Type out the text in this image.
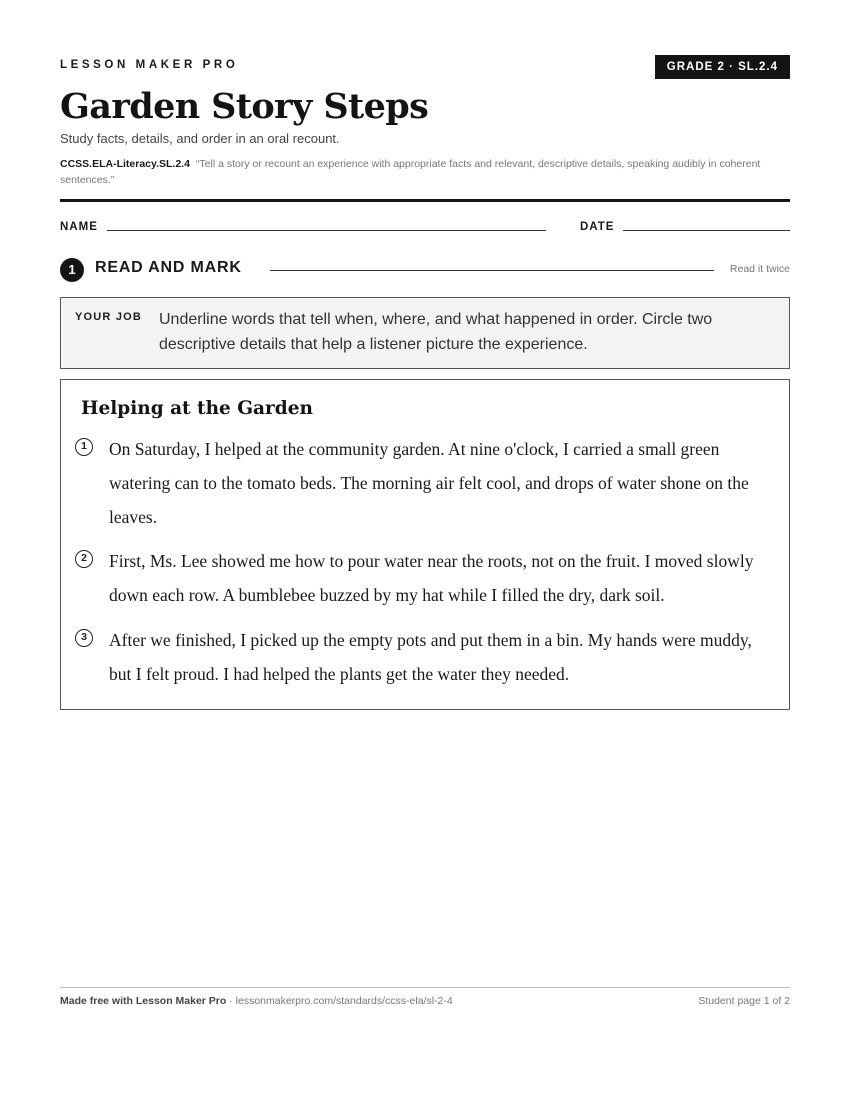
LESSON MAKER PRO	GRADE 2 · SL.2.4
Garden Story Steps
Study facts, details, and order in an oral recount.
CCSS.ELA-Literacy.SL.2.4 “Tell a story or recount an experience with appropriate facts and relevant, descriptive details, speaking audibly in coherent sentences.”
NAME	DATE
1	READ AND MARK	Read it twice
YOUR JOB Underline words that tell when, where, and what happened in order. Circle two descriptive details that help a listener picture the experience.
Helping at the Garden
1	On Saturday, I helped at the community garden. At nine o'clock, I carried a small green watering can to the tomato beds. The morning air felt cool, and drops of water shone on the leaves.

2	First, Ms. Lee showed me how to pour water near the roots, not on the fruit. I moved slowly down each row. A bumblebee buzzed by my hat while I filled the dry, dark soil.

3	After we finished, I picked up the empty pots and put them in a bin. My hands were muddy, but I felt proud. I had helped the plants get the water they needed.

Made free with Lesson Maker Pro · lessonmakerpro.com/standards/ccss-ela/sl-2-4	Student page 1 of 2
